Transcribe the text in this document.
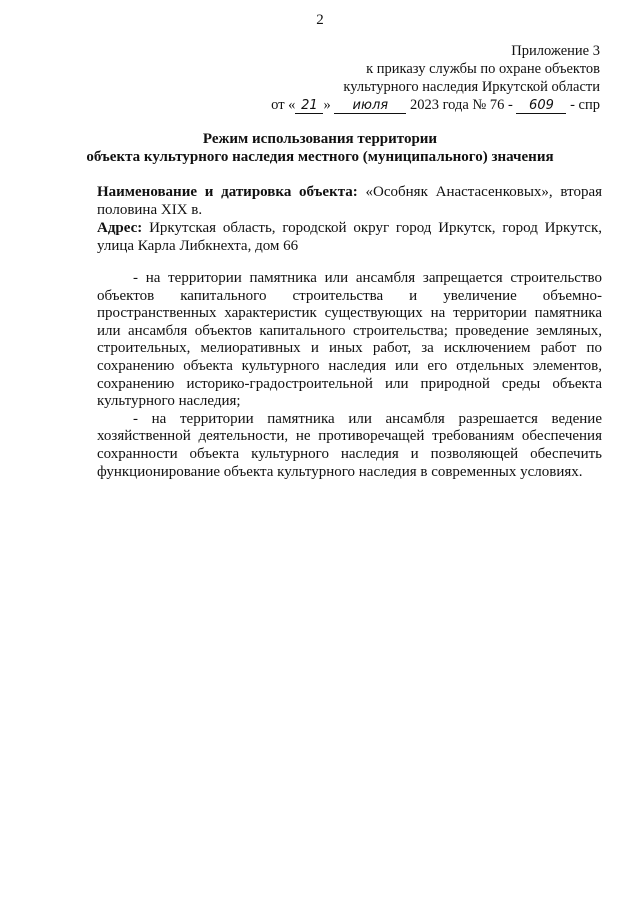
2
Приложение 3
к приказу службы по охране объектов
культурного наследия Иркутской области
от « 21 » июля 2023 года № 76 - 609 - спр
Режим использования территории
объекта культурного наследия местного (муниципального) значения

Наименование и датировка объекта: «Особняк Анастасенковых», вторая половина XIX в.

Адрес: Иркутская область, городской округ город Иркутск, город Иркутск, улица Карла Либкнехта, дом 66

- на территории памятника или ансамбля запрещается строительство объектов капитального строительства и увеличение объемно-пространственных характеристик существующих на территории памятника или ансамбля объектов капитального строительства; проведение земляных, строительных, мелиоративных и иных работ, за исключением работ по сохранению объекта культурного наследия или его отдельных элементов, сохранению историко-градостроительной или природной среды объекта культурного наследия;

- на территории памятника или ансамбля разрешается ведение хозяйственной деятельности, не противоречащей требованиям обеспечения сохранности объекта культурного наследия и позволяющей обеспечить функционирование объекта культурного наследия в современных условиях.
